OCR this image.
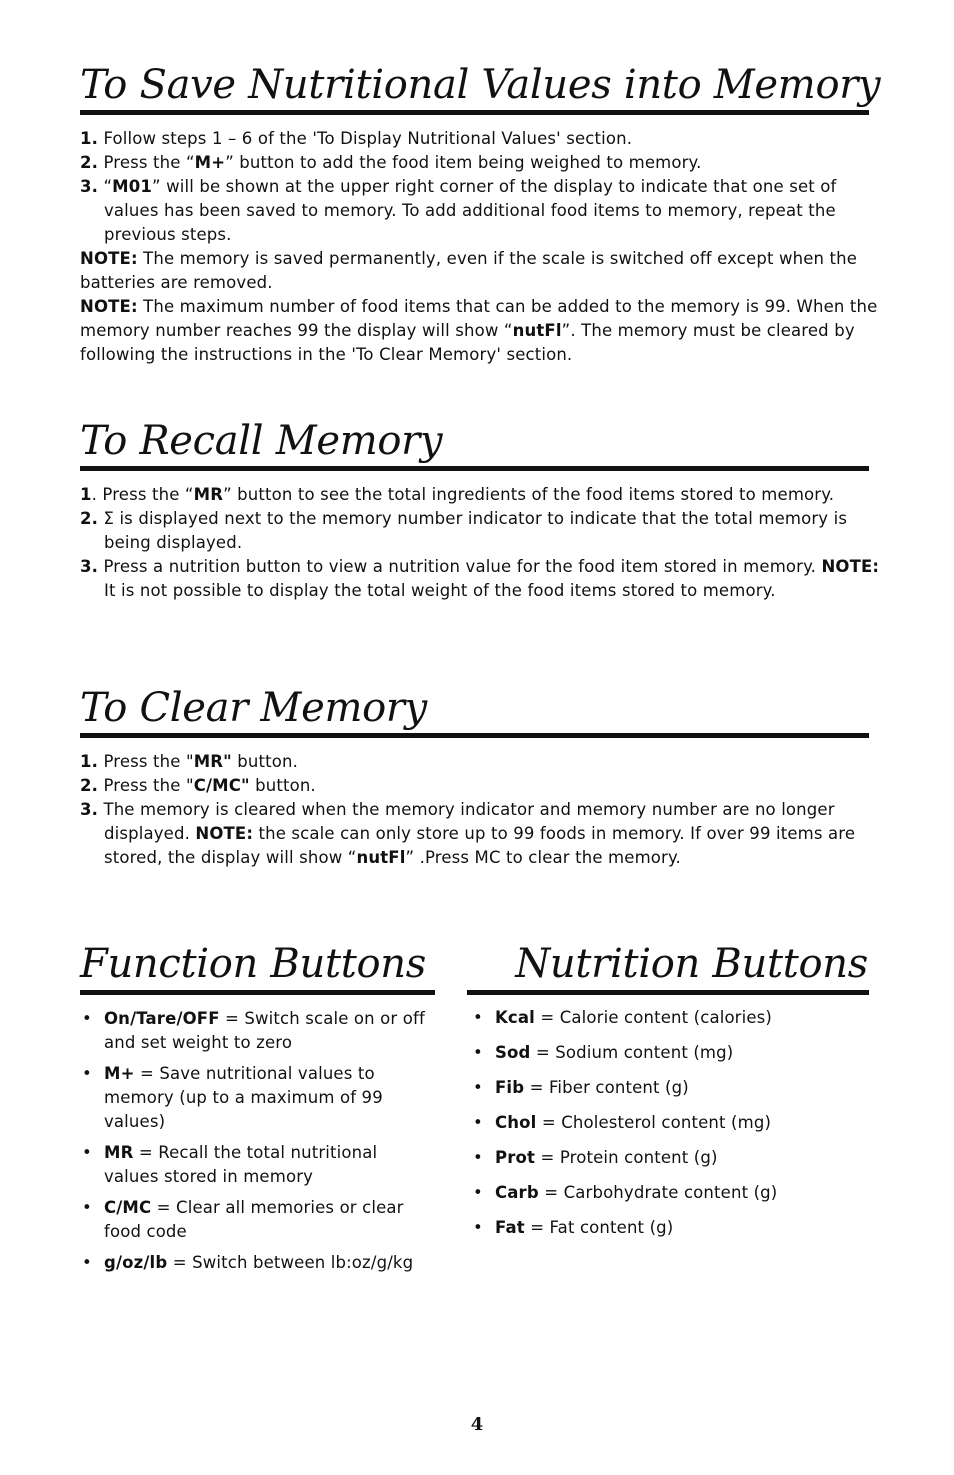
To Save Nutritional Values into Memory

1. Follow steps 1 – 6 of the 'To Display Nutritional Values' section.

2. Press the “M+” button to add the food item being weighed to memory.

3. “M01” will be shown at the upper right corner of the display to indicate that one set of values has been saved to memory. To add additional food items to memory, repeat the previous steps.

NOTE: The memory is saved permanently, even if the scale is switched off except when the batteries are removed.

NOTE: The maximum number of food items that can be added to the memory is 99. When the memory number reaches 99 the display will show “nutFl”. The memory must be cleared by following the instructions in the 'To Clear Memory' section.

To Recall Memory

1. Press the “MR” button to see the total ingredients of the food items stored to memory.

2. Σ is displayed next to the memory number indicator to indicate that the total memory is being displayed.

3. Press a nutrition button to view a nutrition value for the food item stored in memory. NOTE: It is not possible to display the total weight of the food items stored to memory.

To Clear Memory

1. Press the "MR" button.

2. Press the "C/MC" button.

3. The memory is cleared when the memory indicator and memory number are no longer displayed. NOTE: the scale can only store up to 99 foods in memory. If over 99 items are stored, the display will show “nutFl” .Press MC to clear the memory.

Function Buttons
• On/Tare/OFF = Switch scale on or off and set weight to zero
• M+ = Save nutritional values to memory (up to a maximum of 99 values)
• MR = Recall the total nutritional values stored in memory
• C/MC = Clear all memories or clear food code
• g/oz/lb = Switch between lb:oz/g/kg
Nutrition Buttons
• Kcal = Calorie content (calories)
• Sod = Sodium content (mg)
• Fib = Fiber content (g)
• Chol = Cholesterol content (mg)
• Prot = Protein content (g)
• Carb = Carbohydrate content (g)
• Fat = Fat content (g)
4
